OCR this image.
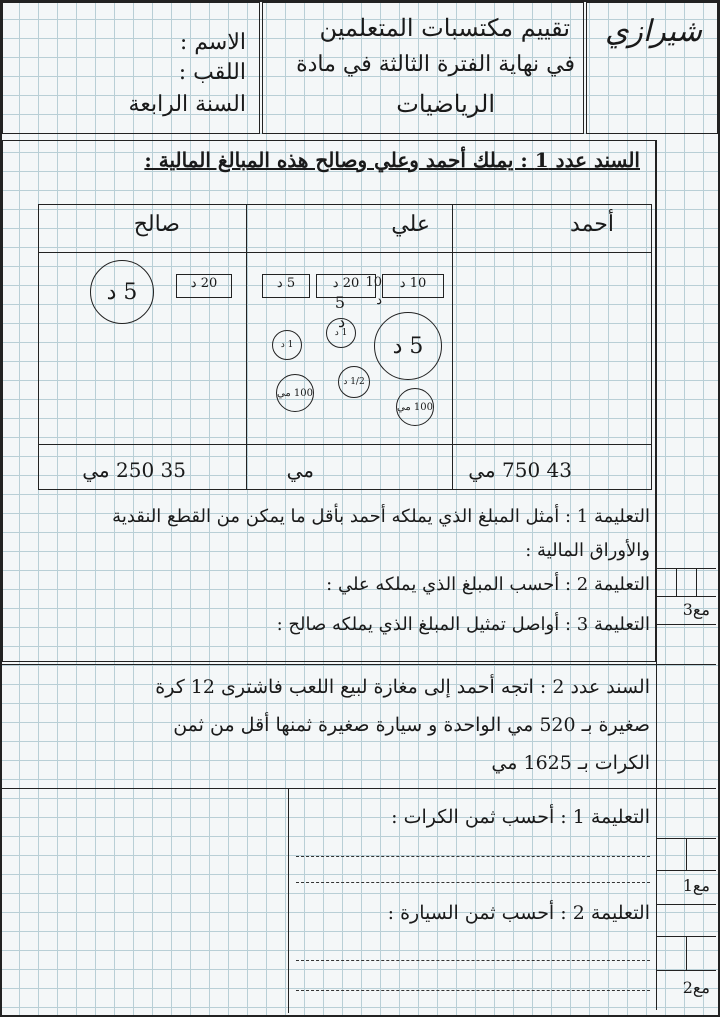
شيرازي
تقييم مكتسبات المتعلمين
في نهاية الفترة الثالثة في مادة
الرياضيات
الاسم :
اللقب :
السنة الرابعة
السند عدد 1 : يملك أحمد وعلي وصالح هذه المبالغ المالية :
أحمد
علي
صالح
10 د
5 د
100 مي
10 د
20 د
5 د
1 د
1 د
1/2 د
100 مي
5 د
20 د
5 د
43 750 مي
مي
35 250 مي
التعليمة 1 : أمثل المبلغ الذي يملكه أحمد بأقل ما يمكن من القطع النقدية
والأوراق المالية :
التعليمة 2 : أحسب المبلغ الذي يملكه علي :
التعليمة 3 : أواصل تمثيل المبلغ الذي يملكه صالح :
مع3
السند عدد 2 : اتجه أحمد إلى مغازة لبيع اللعب فاشترى 12 كرة
صغيرة بـ 520 مي الواحدة و سيارة صغيرة ثمنها أقل من ثمن
الكرات بـ 1625 مي
التعليمة 1 : أحسب ثمن الكرات :
التعليمة 2 : أحسب ثمن السيارة :
مع1
مع2
